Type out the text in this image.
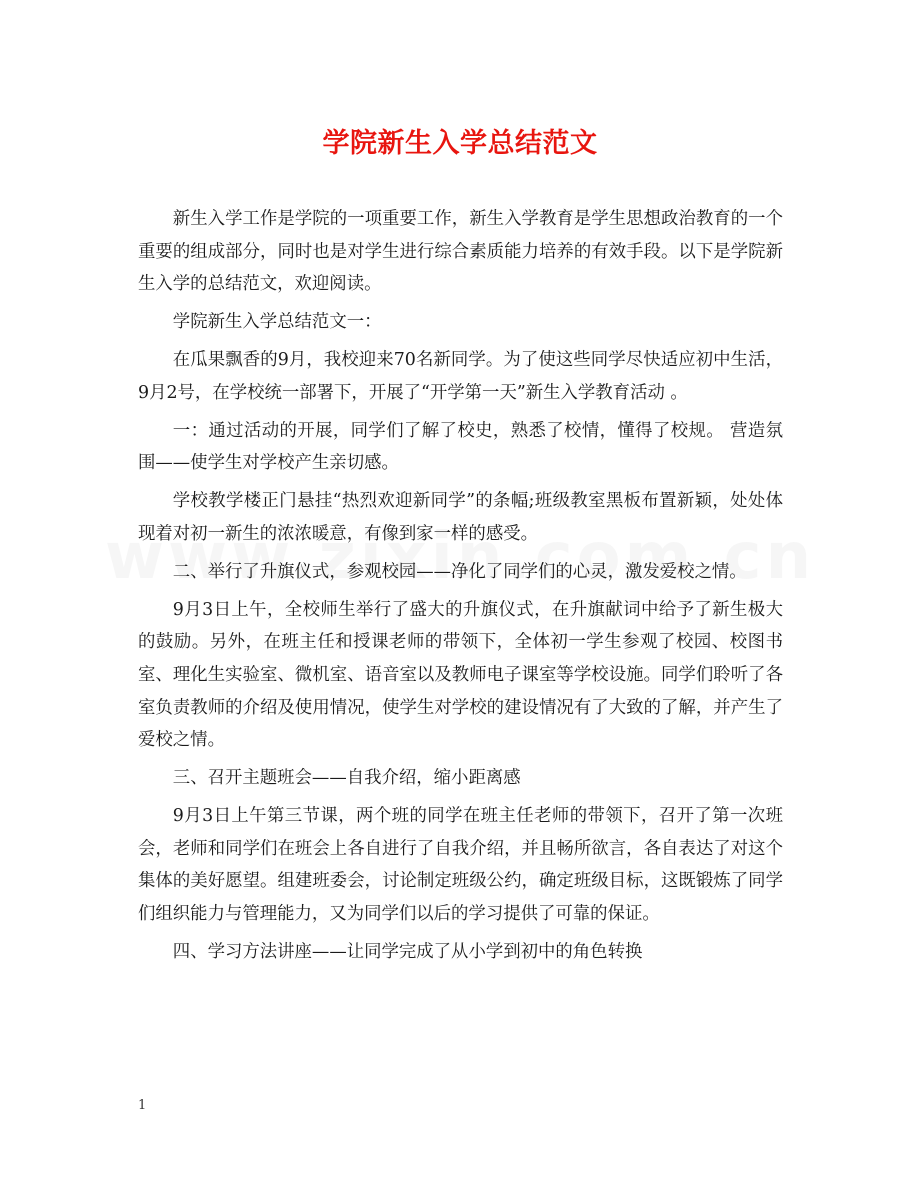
学院新生入学总结范文

新生入学工作是学院的一项重要工作，新生入学教育是学生思想政治教育的一个重要的组成部分，同时也是对学生进行综合素质能力培养的有效手段。以下是学院新生入学的总结范文，欢迎阅读。

学院新生入学总结范文一：

在瓜果飘香的9月，我校迎来70名新同学。为了使这些同学尽快适应初中生活，9月2号，在学校统一部署下，开展了“开学第一天”新生入学教育活动 。

一：通过活动的开展，同学们了解了校史，熟悉了校情，懂得了校规。 营造氛围——使学生对学校产生亲切感。

学校教学楼正门悬挂“热烈欢迎新同学”的条幅;班级教室黑板布置新颖，处处体现着对初一新生的浓浓暖意，有像到家一样的感受。

二、举行了升旗仪式，参观校园——净化了同学们的心灵，激发爱校之情。

9月3日上午，全校师生举行了盛大的升旗仪式，在升旗献词中给予了新生极大的鼓励。另外，在班主任和授课老师的带领下，全体初一学生参观了校园、校图书室、理化生实验室、微机室、语音室以及教师电子课室等学校设施。同学们聆听了各室负责教师的介绍及使用情况，使学生对学校的建设情况有了大致的了解，并产生了爱校之情。

三、召开主题班会——自我介绍，缩小距离感

9月3日上午第三节课，两个班的同学在班主任老师的带领下，召开了第一次班会，老师和同学们在班会上各自进行了自我介绍，并且畅所欲言，各自表达了对这个集体的美好愿望。组建班委会，讨论制定班级公约，确定班级目标，这既锻炼了同学们组织能力与管理能力，又为同学们以后的学习提供了可靠的保证。

四、学习方法讲座——让同学完成了从小学到初中的角色转换

1
